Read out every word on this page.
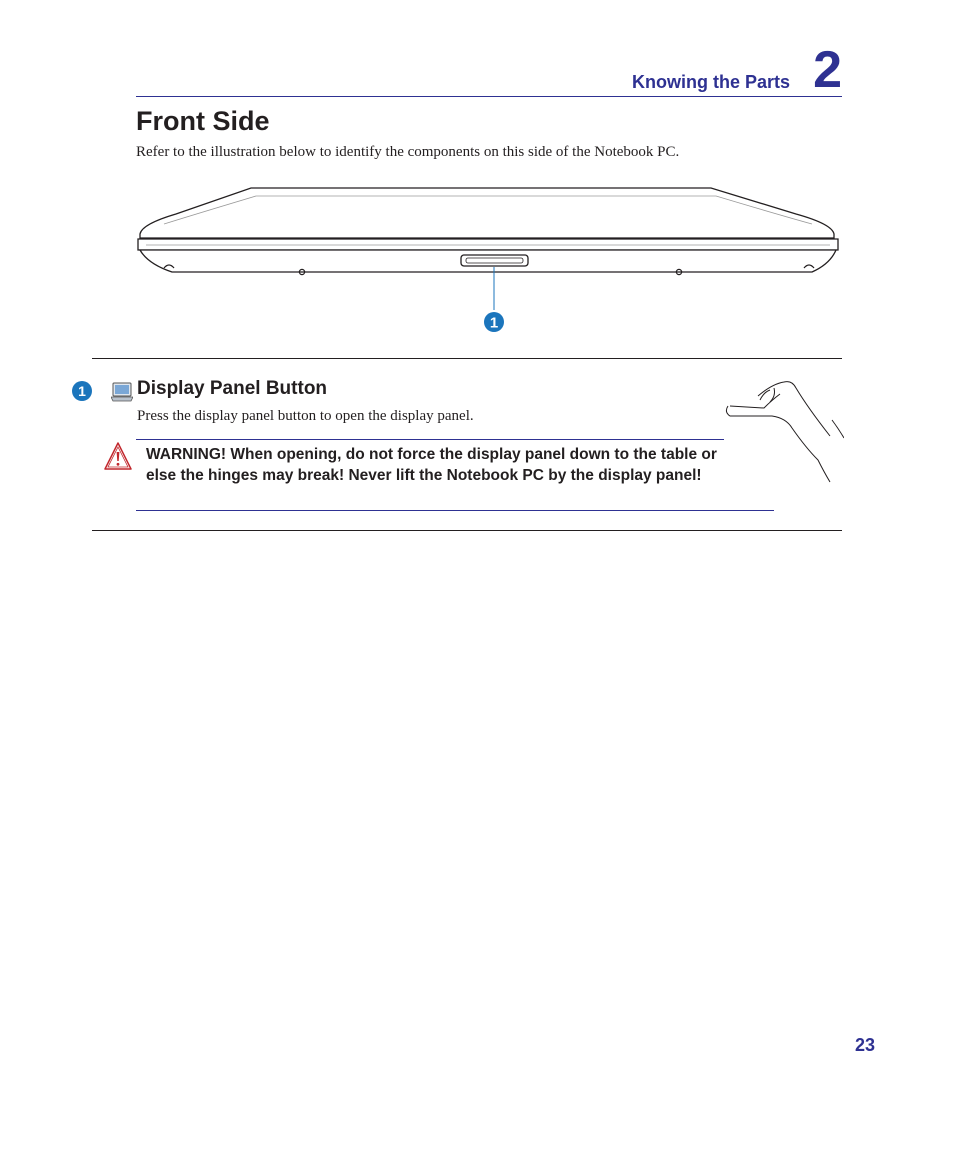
Knowing the Parts 2
Front Side
Refer to the illustration below to identify the components on this side of the Notebook PC.
1
1	Display Panel Button
Press the display panel button to open the display panel.
WARNING! When opening, do not force the display panel down to the table or else the hinges may break! Never lift the Notebook PC by the display panel!
23
